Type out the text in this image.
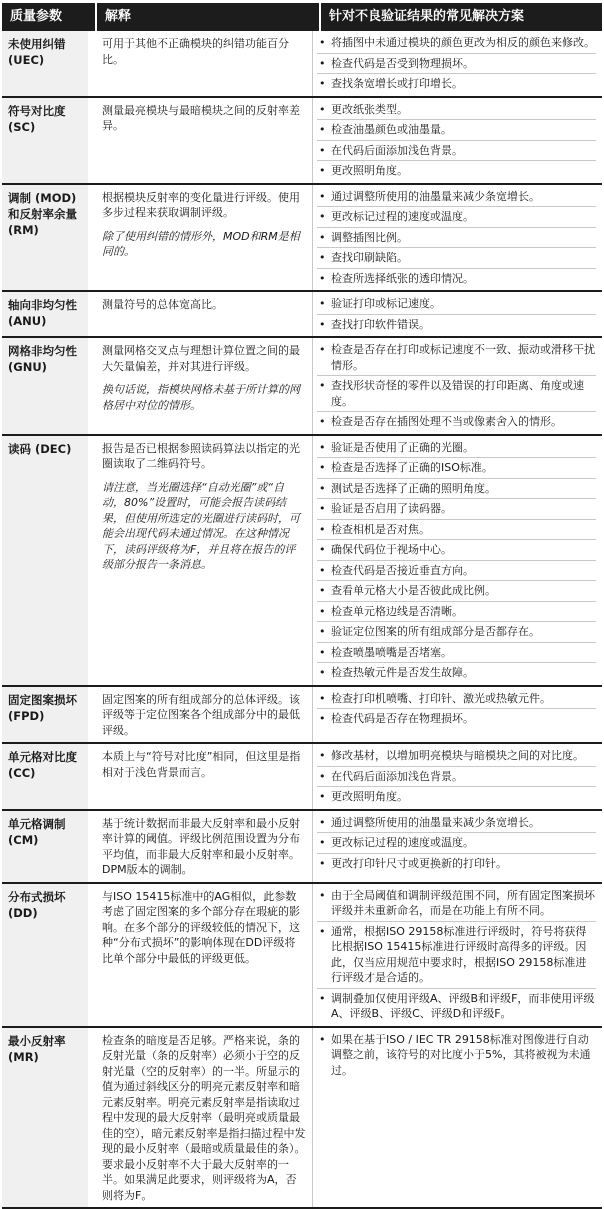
质量参数	解释	针对不良验证结果的常见解决方案
未使用纠错 (UEC)
可用于其他不正确模块的纠错功能百分比。
• 将插图中未通过模块的颜色更改为相反的颜色来修改。
• 检查代码是否受到物理损坏。
• 查找条宽增长或打印增长。
符号对比度 (SC)
测量最亮模块与最暗模块之间的反射率差异。
• 更改纸张类型。
• 检查油墨颜色或油墨量。
• 在代码后面添加浅色背景。
• 更改照明角度。
调制 (MOD) 和反射率余量 (RM)
根据模块反射率的变化量进行评级。使用多步过程来获取调制评级。
除了使用纠错的情形外，MOD和RM是相同的。
• 通过调整所使用的油墨量来减少条宽增长。
• 更改标记过程的速度或温度。
• 调整插图比例。
• 查找印刷缺陷。
• 检查所选择纸张的透印情况。
轴向非均匀性 (ANU)
测量符号的总体宽高比。
•	验证打印或标记速度。
• 查找打印软件错误。
网格非均匀性 (GNU)
测量网格交叉点与理想计算位置之间的最大矢量偏差，并对其进行评级。
换句话说，指模块网格未基于所计算的网格居中对位的情形。
• 检查是否存在打印或标记速度不一致、振动或滑移干扰情形。
• 查找形状奇怪的零件以及错误的打印距离、角度或速度。
• 检查是否存在插图处理不当或像素舍入的情形。
读码 (DEC)	报告是否已根据参照读码算法以指定的光圈读取了二维码符号。
请注意，当光圈选择“自动光圈”或“自动，80%”设置时，可能会报告读码结果，但使用所选定的光圈进行读码时，可能会出现代码未通过情况。在这种情况下，读码评级将为F，并且将在报告的评级部分报告一条消息。
• 验证是否使用了正确的光圈。
• 检查是否选择了正确的ISO标准。
• 测试是否选择了正确的照明角度。
• 验证是否启用了读码器。
• 检查相机是否对焦。
• 确保代码位于视场中心。
• 检查代码是否接近垂直方向。
• 查看单元格大小是否彼此成比例。
• 检查单元格边线是否清晰。
• 验证定位图案的所有组成部分是否都存在。
• 检查喷墨喷嘴是否堵塞。
• 检查热敏元件是否发生故障。
固定图案损坏 (FPD)
固定图案的所有组成部分的总体评级。该评级等于定位图案各个组成部分中的最低评级。
• 检查打印机喷嘴、打印针、激光或热敏元件。
• 检查代码是否存在物理损坏。
单元格对比度 (CC)
本质上与“符号对比度”相同，但这里是指相对于浅色背景而言。
• 修改基材，以增加明亮模块与暗模块之间的对比度。
• 在代码后面添加浅色背景。
• 更改照明角度。
单元格调制 (CM)
基于统计数据而非最大反射率和最小反射率计算的阈值。评级比例范围设置为分布平均值，而非最大反射率和最小反射率。DPM版本的调制。
• 通过调整所使用的油墨量来减少条宽增长。
• 更改标记过程的速度或温度。
• 更改打印针尺寸或更换新的打印针。
分布式损坏 (DD)
与ISO 15415标准中的AG相似，此参数考虑了固定图案的多个部分存在瑕疵的影响。在多个部分的评级较低的情况下，这种“分布式损坏”的影响体现在DD评级将比单个部分中最低的评级更低。
• 由于全局阈值和调制评级范围不同，所有固定图案损坏评级并未重新命名，而是在功能上有所不同。
• 通常，根据ISO 29158标准进行评级时，符号将获得比根据ISO 15415标准进行评级时高得多的评级。因此，仅当应用规范中要求时，根据ISO 29158标准进行评级才是合适的。
• 调制叠加仅使用评级A、评级B和评级F，而非使用评级A、评级B、评级C、评级D和评级F。
最小反射率 (MR)
检查条的暗度是否足够。严格来说，条的反射光量（条的反射率）必须小于空的反射光量（空的反射率）的一半。所显示的值为通过斜线区分的明亮元素反射率和暗元素反射率。明亮元素反射率是指读取过程中发现的最大反射率（最明亮或质量最佳的空），暗元素反射率是指扫描过程中发现的最小反射率（最暗或质量最佳的条）。要求最小反射率不大于最大反射率的一半。如果满足此要求，则评级将为A，否则将为F。
• 如果在基于ISO / IEC TR 29158标准对图像进行自动调整之前，该符号的对比度小于5%，其将被视为未通过。
